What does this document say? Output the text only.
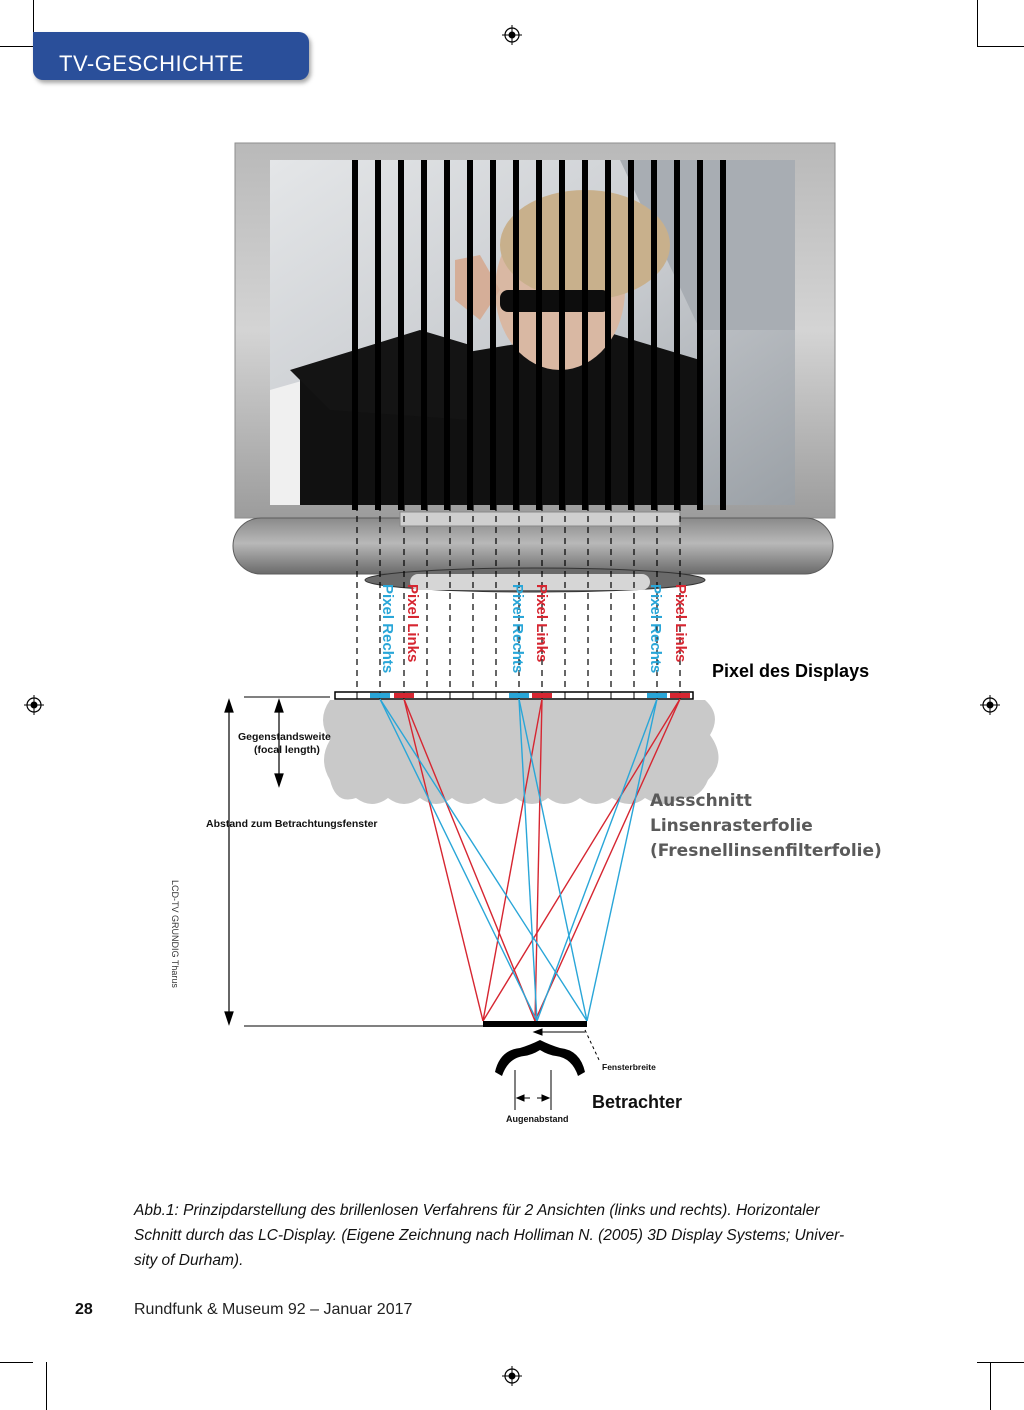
TV-GESCHICHTE
Pixel Rechts Pixel Links	Pixel Rechts Pixel Links	Pixel Rechts Pixel Links
Pixel des Displays
Gegenstandsweite
(focal length)
Abstand zum Betrachtungsfenster
Ausschnitt
Linsenrasterfolie
(Fresnellinsenfilterfolie)
LCD-TV GRUNDIG Tharus
Fensterbreite
Augenabstand
Betrachter
Abb.1: Prinzipdarstellung des brillenlosen Verfahrens für 2 Ansichten (links und rechts). Horizontaler
Schnitt durch das LC-Display. (Eigene Zeichnung nach Holliman N. (2005) 3D Display Systems; Univer-
sity of Durham).
28	Rundfunk & Museum 92 – Januar 2017
